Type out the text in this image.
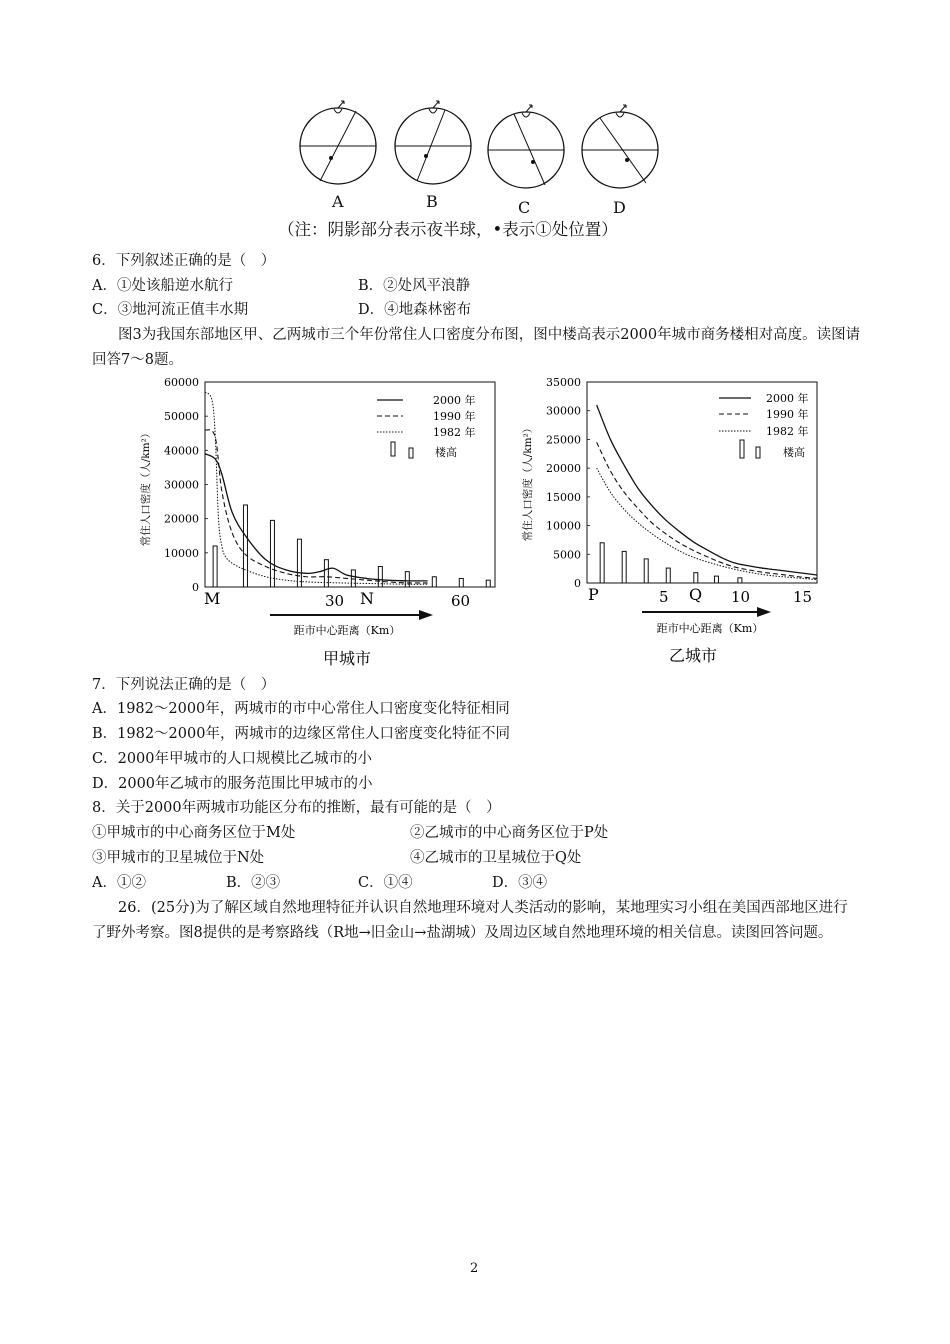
A	B	C	D
（注：阴影部分表示夜半球，•表示①处位置）
6．下列叙述正确的是（　）
A．①处该船逆水航行	B．②处风平浪静
C．③地河流正值丰水期	D．④地森林密布
图3为我国东部地区甲、乙两城市三个年份常住人口密度分布图，图中楼高表示2000年城市商务楼相对高度。读图请回答7～8题。
60000
50000
40000
30000
20000
10000
0
2000 年
1990 年
1982 年
楼高
常住人口密度（人/km²）
M	30 N	60
距市中心距离（Km）
甲城市
35000
30000
25000
20000
15000
10000
5000
0
2000 年
1990 年
1982 年
楼高
常住人口密度（人/km²）
P	5 Q 10	15
距市中心距离（Km）
乙城市
7．下列说法正确的是（　）
A．1982～2000年，两城市的市中心常住人口密度变化特征相同
B．1982～2000年，两城市的边缘区常住人口密度变化特征不同
C．2000年甲城市的人口规模比乙城市的小
D．2000年乙城市的服务范围比甲城市的小
8．关于2000年两城市功能区分布的推断，最有可能的是（　）
①甲城市的中心商务区位于M处	②乙城市的中心商务区位于P处
③甲城市的卫星城位于N处	④乙城市的卫星城位于Q处
A．①②	B．②③	C．①④	D．③④
26．(25分)为了解区域自然地理特征并认识自然地理环境对人类活动的影响，某地理实习小组在美国西部地区进行了野外考察。图8提供的是考察路线（R地→旧金山→盐湖城）及周边区域自然地理环境的相关信息。读图回答问题。
2
